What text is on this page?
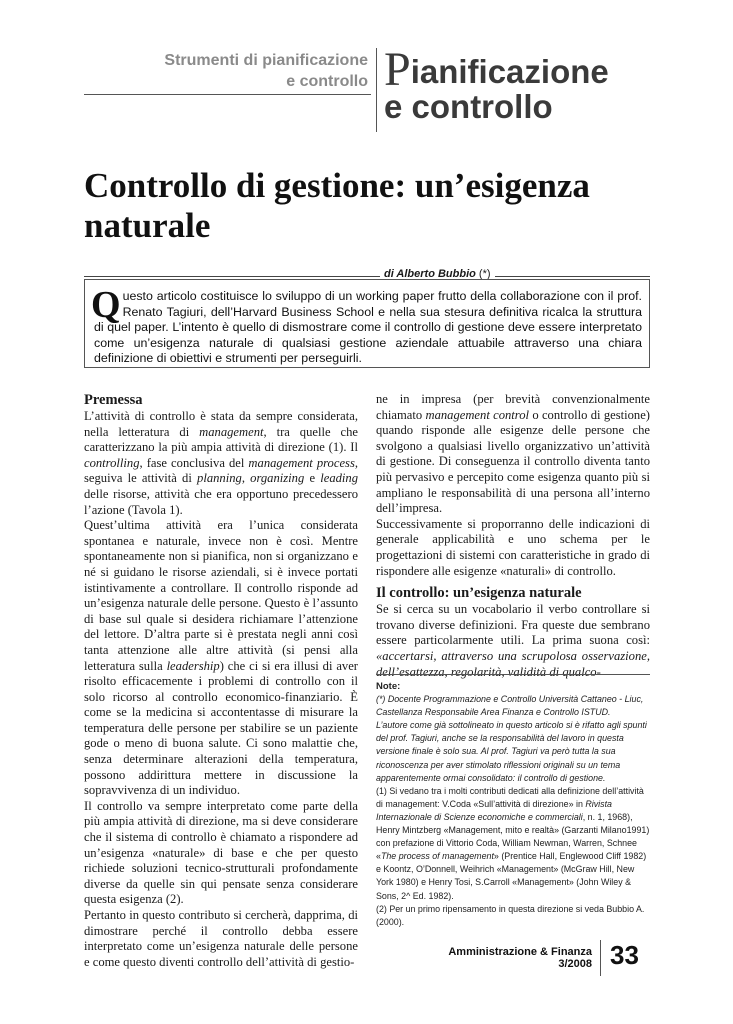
Strumenti di pianificazione
e controllo Pianificazione
e controllo
Controllo di gestione: un’esigenza naturale
di Alberto Bubbio (*)
Questo articolo costituisce lo sviluppo di un working paper frutto della collaborazione con il prof. Renato Tagiuri, dell’Harvard Business School e nella sua stesura definitiva ricalca la struttura di quel paper. L’intento è quello di dismostrare come il controllo di gestione deve essere interpretato come un’esigenza naturale di qualsiasi gestione aziendale attuabile attraverso una chiara definizione di obiettivi e strumenti per perseguirli.
Premessa

L’attività di controllo è stata da sempre considerata, nella letteratura di management, tra quelle che caratterizzano la più ampia attività di direzione (1). Il controlling, fase conclusiva del management process, seguiva le attività di planning, organizing e leading delle risorse, attività che era opportuno precedessero l’azione (Tavola 1).

Quest’ultima attività era l’unica considerata spontanea e naturale, invece non è così. Mentre spontaneamente non si pianifica, non si organizzano e né si guidano le risorse aziendali, si è invece portati istintivamente a controllare. Il controllo risponde ad un’esigenza naturale delle persone. Questo è l’assunto di base sul quale si desidera richiamare l’attenzione del lettore. D’altra parte si è prestata negli anni così tanta attenzione alle altre attività (si pensi alla letteratura sulla leadership) che ci si era illusi di aver risolto efficacemente i problemi di controllo con il solo ricorso al controllo economico-finanziario. È come se la medicina si accontentasse di misurare la temperatura delle persone per stabilire se un paziente gode o meno di buona salute. Ci sono malattie che, senza determinare alterazioni della temperatura, possono addirittura mettere in discussione la sopravvivenza di un individuo.

Il controllo va sempre interpretato come parte della più ampia attività di direzione, ma si deve considerare che il sistema di controllo è chiamato a rispondere ad un’esigenza «naturale» di base e che per questo richiede soluzioni tecnico-strutturali profondamente diverse da quelle sin qui pensate senza considerare questa esigenza (2).

Pertanto in questo contributo si cercherà, dapprima, di dimostrare perché il controllo debba essere interpretato come un’esigenza naturale delle persone e come questo diventi controllo dell’attività di gestio-

ne in impresa (per brevità convenzionalmente chiamato management control o controllo di gestione) quando risponde alle esigenze delle persone che svolgono a qualsiasi livello organizzativo un’attività di gestione. Di conseguenza il controllo diventa tanto più pervasivo e percepito come esigenza quanto più si ampliano le responsabilità di una persona all’interno dell’impresa.

Successivamente si proporranno delle indicazioni di generale applicabilità e uno schema per le progettazioni di sistemi con caratteristiche in grado di rispondere alle esigenze «naturali» di controllo.

Il controllo: un’esigenza naturale

Se si cerca su un vocabolario il verbo controllare si trovano diverse definizioni. Fra queste due sembrano essere particolarmente utili. La prima suona così: «accertarsi, attraverso una scrupolosa osservazione, dell’esattezza, regolarità, validità di qualco-

Note:

(*) Docente Programmazione e Controllo Università Cattaneo - Liuc, Castellanza Responsabile Area Finanza e Controllo ISTUD.

L’autore come già sottolineato in questo articolo si è rifatto agli spunti del prof. Tagiuri, anche se la responsabilità del lavoro in questa versione finale è solo sua. Al prof. Tagiuri va però tutta la sua riconoscenza per aver stimolato riflessioni originali su un tema apparentemente ormai consolidato: il controllo di gestione.

(1) Si vedano tra i molti contributi dedicati alla definizione dell’attività di management: V.Coda «Sull’attività di direzione» in Rivista Internazionale di Scienze economiche e commerciali, n. 1, 1968), Henry Mintzberg «Management, mito e realtà» (Garzanti Milano1991) con prefazione di Vittorio Coda, William Newman, Warren, Schnee «The process of management» (Prentice Hall, Englewood Cliff 1982) e Koontz, O’Donnell, Weihrich «Management» (McGraw Hill, New York 1980) e Henry Tosi, S.Carroll «Management» (John Wiley & Sons, 2^ Ed. 1982).

(2) Per un primo ripensamento in questa direzione si veda Bubbio A. (2000).

Amministrazione & Finanza 3/2008 33
